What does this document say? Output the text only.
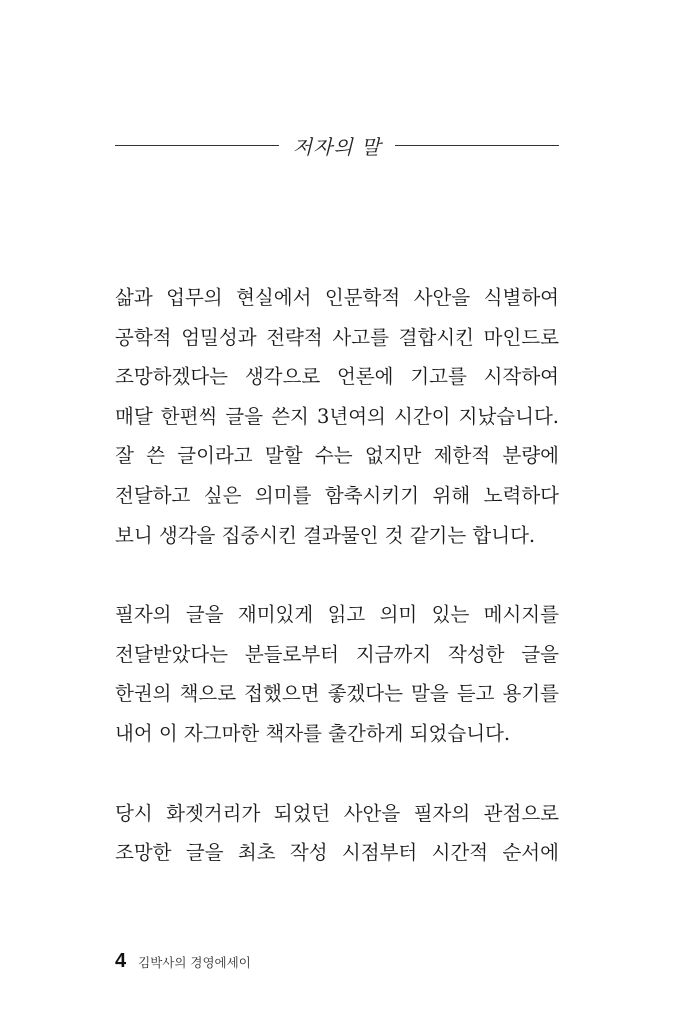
저자의 말
삶과 업무의 현실에서 인문학적 사안을 식별하여
공학적 엄밀성과 전략적 사고를 결합시킨 마인드로
조망하겠다는 생각으로 언론에 기고를 시작하여
매달 한편씩 글을 쓴지 3년여의 시간이 지났습니다.
잘 쓴 글이라고 말할 수는 없지만 제한적 분량에
전달하고 싶은 의미를 함축시키기 위해 노력하다
보니 생각을 집중시킨 결과물인 것 같기는 합니다.
필자의 글을 재미있게 읽고 의미 있는 메시지를
전달받았다는 분들로부터 지금까지 작성한 글을
한권의 책으로 접했으면 좋겠다는 말을 듣고 용기를
내어 이 자그마한 책자를 출간하게 되었습니다.
당시 화젯거리가 되었던 사안을 필자의 관점으로
조망한 글을 최초 작성 시점부터 시간적 순서에
4 김박사의 경영에세이
